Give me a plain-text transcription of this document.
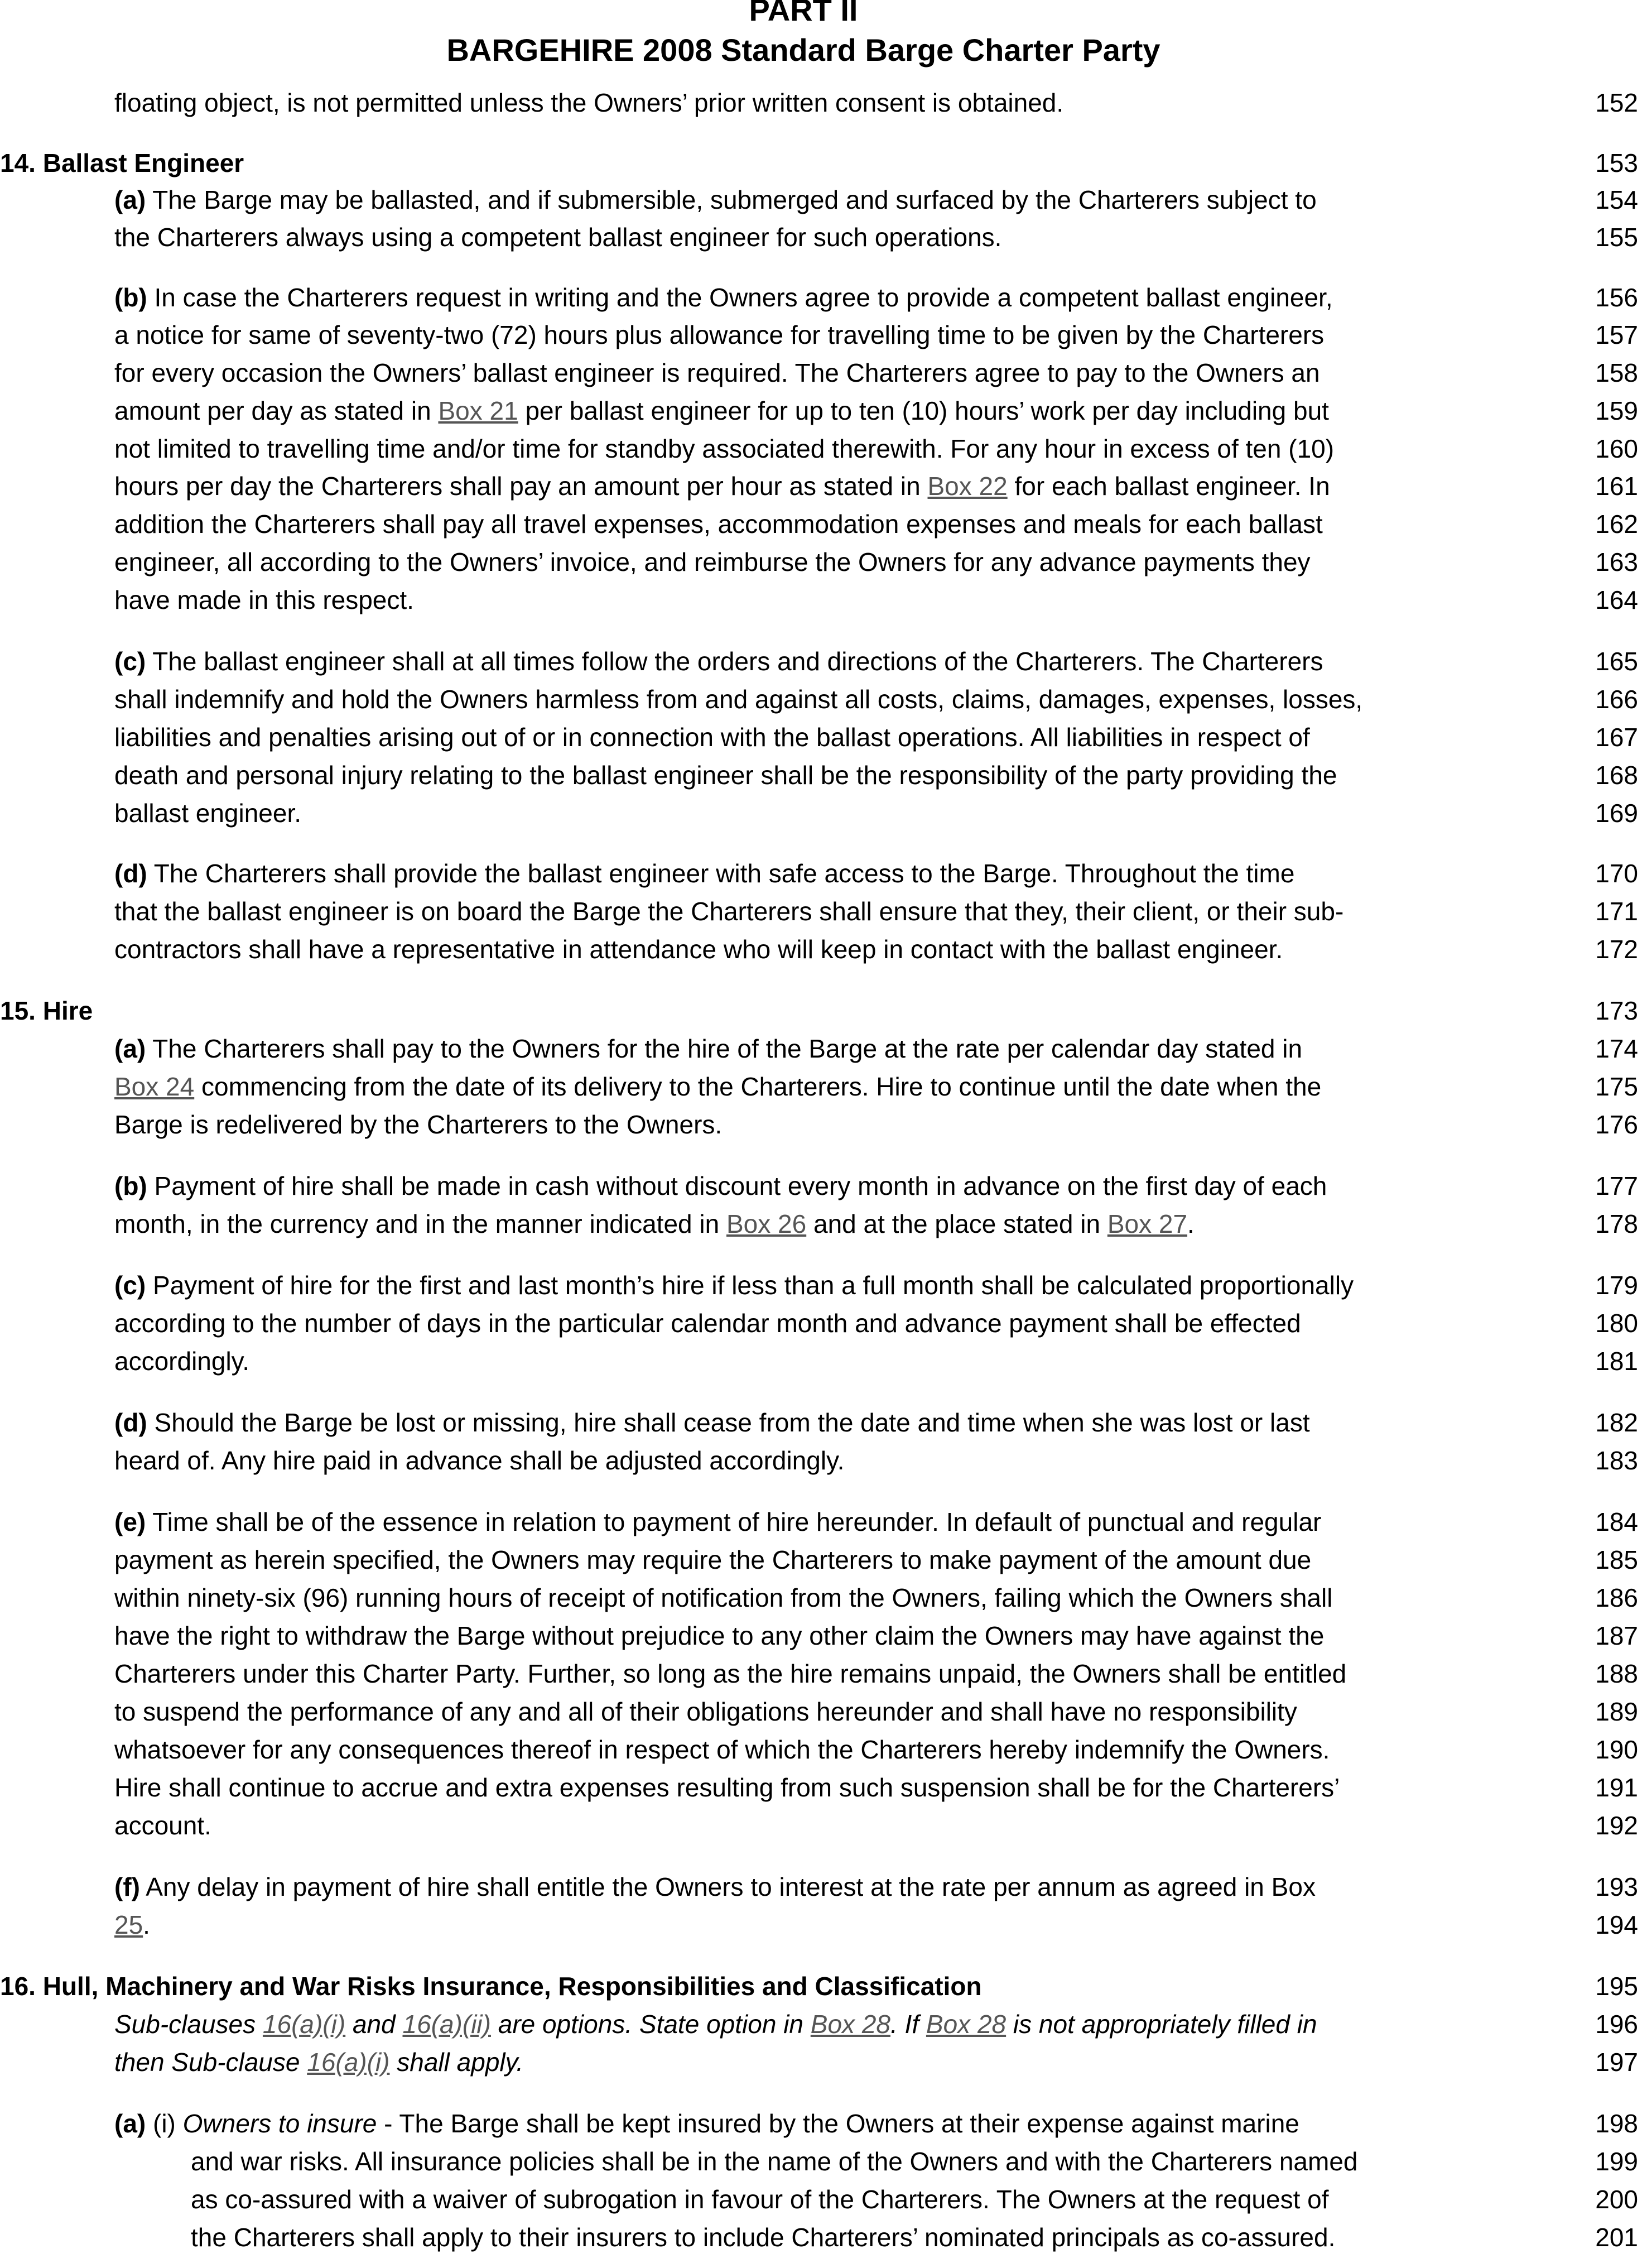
PART II
BARGEHIRE 2008 Standard Barge Charter Party
floating object, is not permitted unless the Owners’ prior written consent is obtained.	152
14. Ballast Engineer	153
(a) The Barge may be ballasted, and if submersible, submerged and surfaced by the Charterers subject to	154
the Charterers always using a competent ballast engineer for such operations.	155
(b) In case the Charterers request in writing and the Owners agree to provide a competent ballast engineer,	156
a notice for same of seventy-two (72) hours plus allowance for travelling time to be given by the Charterers	157
for every occasion the Owners’ ballast engineer is required. The Charterers agree to pay to the Owners an	158
amount per day as stated in Box 21 per ballast engineer for up to ten (10) hours’ work per day including but	159
not limited to travelling time and/or time for standby associated therewith. For any hour in excess of ten (10)	160
hours per day the Charterers shall pay an amount per hour as stated in Box 22 for each ballast engineer. In	161
addition the Charterers shall pay all travel expenses, accommodation expenses and meals for each ballast	162
engineer, all according to the Owners’ invoice, and reimburse the Owners for any advance payments they	163
have made in this respect.	164
(c) The ballast engineer shall at all times follow the orders and directions of the Charterers. The Charterers	165
shall indemnify and hold the Owners harmless from and against all costs, claims, damages, expenses, losses,	166
liabilities and penalties arising out of or in connection with the ballast operations. All liabilities in respect of	167
death and personal injury relating to the ballast engineer shall be the responsibility of the party providing the	168
ballast engineer.	169
(d) The Charterers shall provide the ballast engineer with safe access to the Barge. Throughout the time	170
that the ballast engineer is on board the Barge the Charterers shall ensure that they, their client, or their sub-	171
contractors shall have a representative in attendance who will keep in contact with the ballast engineer.	172
15. Hire	173
(a) The Charterers shall pay to the Owners for the hire of the Barge at the rate per calendar day stated in	174
Box 24 commencing from the date of its delivery to the Charterers. Hire to continue until the date when the	175
Barge is redelivered by the Charterers to the Owners.	176
(b) Payment of hire shall be made in cash without discount every month in advance on the first day of each	177
month, in the currency and in the manner indicated in Box 26 and at the place stated in Box 27.	178
(c) Payment of hire for the first and last month’s hire if less than a full month shall be calculated proportionally	179
according to the number of days in the particular calendar month and advance payment shall be effected	180
accordingly.	181
(d) Should the Barge be lost or missing, hire shall cease from the date and time when she was lost or last	182
heard of. Any hire paid in advance shall be adjusted accordingly.	183
(e) Time shall be of the essence in relation to payment of hire hereunder. In default of punctual and regular	184
payment as herein specified, the Owners may require the Charterers to make payment of the amount due	185
within ninety-six (96) running hours of receipt of notification from the Owners, failing which the Owners shall	186
have the right to withdraw the Barge without prejudice to any other claim the Owners may have against the	187
Charterers under this Charter Party. Further, so long as the hire remains unpaid, the Owners shall be entitled	188
to suspend the performance of any and all of their obligations hereunder and shall have no responsibility	189
whatsoever for any consequences thereof in respect of which the Charterers hereby indemnify the Owners.	190
Hire shall continue to accrue and extra expenses resulting from such suspension shall be for the Charterers’	191
account.	192
(f) Any delay in payment of hire shall entitle the Owners to interest at the rate per annum as agreed in Box	193
25.	194
16. Hull, Machinery and War Risks Insurance, Responsibilities and Classification	195
Sub-clauses 16(a)(i) and 16(a)(ii) are options. State option in Box 28. If Box 28 is not appropriately filled in	196
then Sub-clause 16(a)(i) shall apply.	197
(a) (i) Owners to insure - The Barge shall be kept insured by the Owners at their expense against marine	198
and war risks. All insurance policies shall be in the name of the Owners and with the Charterers named	199
as co-assured with a waiver of subrogation in favour of the Charterers. The Owners at the request of	200
the Charterers shall apply to their insurers to include Charterers’ nominated principals as co-assured.	201
